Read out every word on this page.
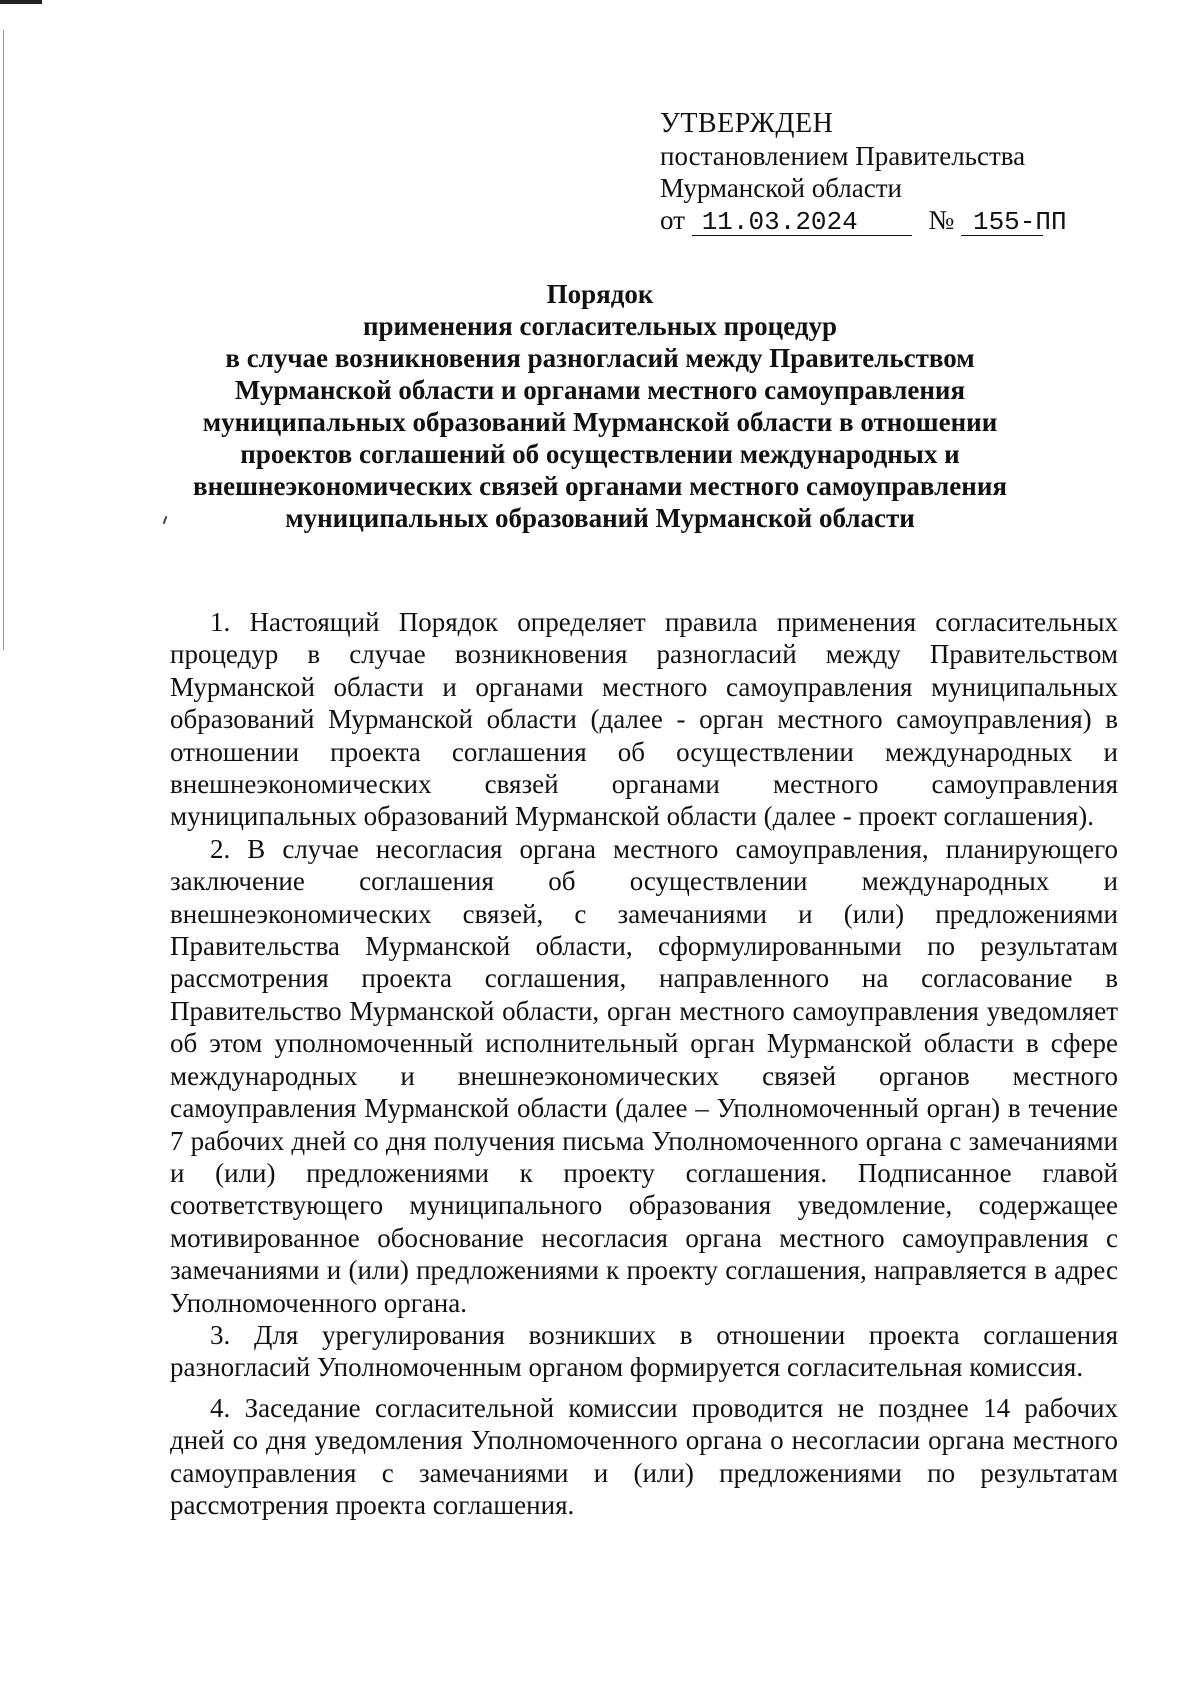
УТВЕРЖДЕН
постановлением Правительства
Мурманской области
от 11.03.2024	№ 155-ПП
Порядок
применения согласительных процедур
в случае возникновения разногласий между Правительством
Мурманской области и органами местного самоуправления
муниципальных образований Мурманской области в отношении
проектов соглашений об осуществлении международных и
внешнеэкономических связей органами местного самоуправления
муниципальных образований Мурманской области

1. Настоящий Порядок определяет правила применения согласительных процедур в случае возникновения разногласий между Правительством Мурманской области и органами местного самоуправления муниципальных образований Мурманской области (далее - орган местного самоуправления) в отношении проекта соглашения об осуществлении международных и внешнеэкономических связей органами местного самоуправления муниципальных образований Мурманской области (далее - проект соглашения).

2. В случае несогласия органа местного самоуправления, планирующего заключение соглашения об осуществлении международных и внешнеэкономических связей, с замечаниями и (или) предложениями Правительства Мурманской области, сформулированными по результатам рассмотрения проекта соглашения, направленного на согласование в Правительство Мурманской области, орган местного самоуправления уведомляет об этом уполномоченный исполнительный орган Мурманской области в сфере международных и внешнеэкономических связей органов местного самоуправления Мурманской области (далее – Уполномоченный орган) в течение 7 рабочих дней со дня получения письма Уполномоченного органа с замечаниями и (или) предложениями к проекту соглашения. Подписанное главой соответствующего муниципального образования уведомление, содержащее мотивированное обоснование несогласия органа местного самоуправления с замечаниями и (или) предложениями к проекту соглашения, направляется в адрес Уполномоченного органа.

3. Для урегулирования возникших в отношении проекта соглашения разногласий Уполномоченным органом формируется согласительная комиссия.

4. Заседание согласительной комиссии проводится не позднее 14 рабочих дней со дня уведомления Уполномоченного органа о несогласии органа местного самоуправления с замечаниями и (или) предложениями по результатам рассмотрения проекта соглашения.
